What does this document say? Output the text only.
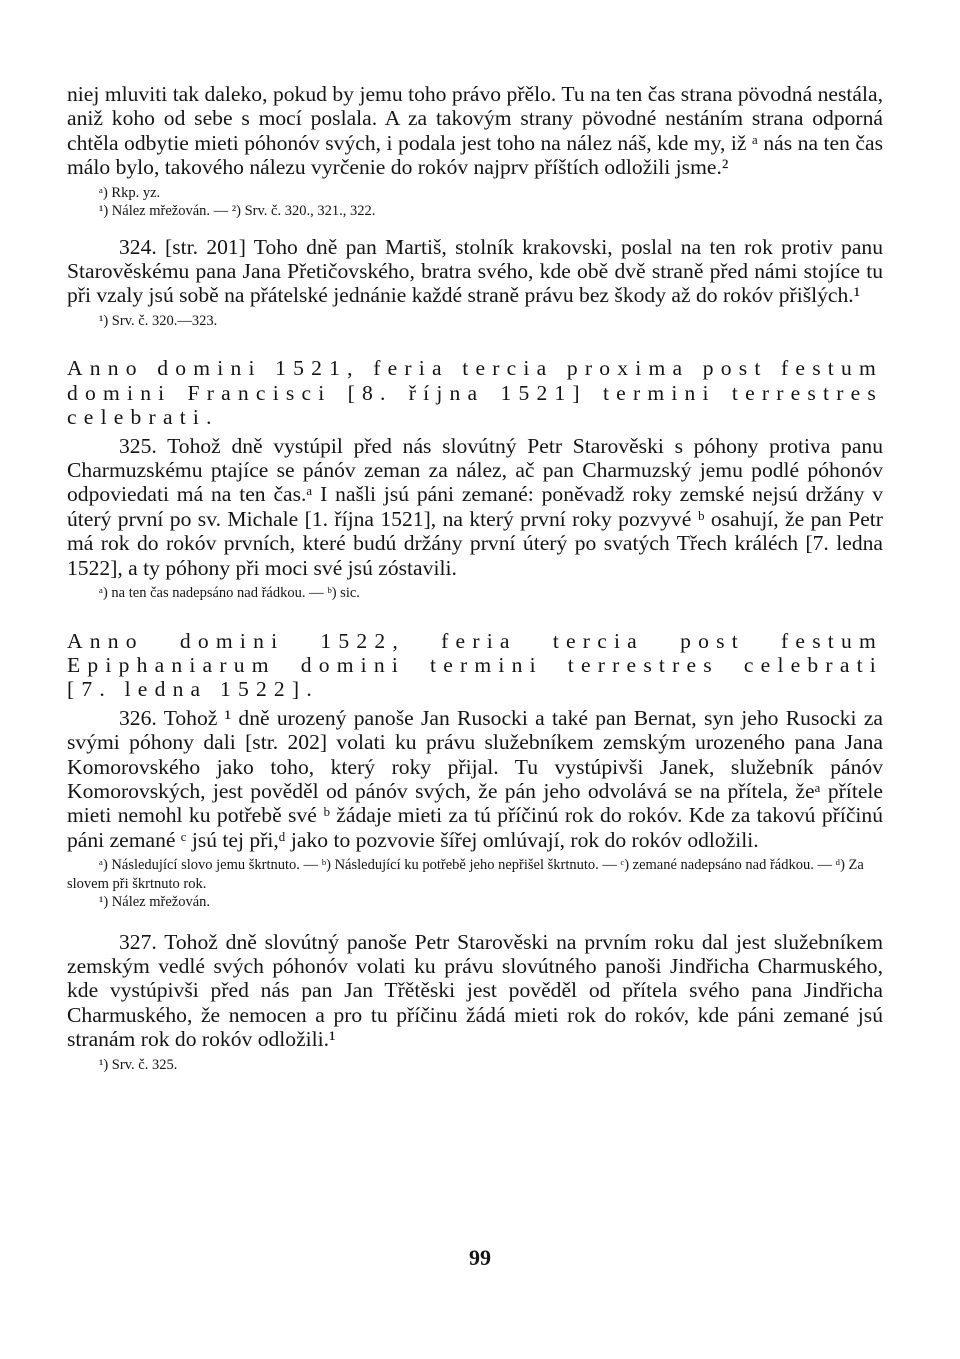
niej mluviti tak daleko, pokud by jemu toho právo přělo. Tu na ten čas strana pövodná nestála, aniž koho od sebe s mocí poslala. A za takovým strany pövodné nestáním strana odporná chtěla odbytie mieti póhonóv svých, i podala jest toho na nález náš, kde my, iž ᵃ nás na ten čas málo bylo, takového nálezu vyrčenie do rokóv najprv příštích odložili jsme.²

ᵃ) Rkp. yz.

¹) Nález mřežován. — ²) Srv. č. 320., 321., 322.

324. [str. 201] Toho dně pan Martiš, stolník krakovski, poslal na ten rok protiv panu Starověskému pana Jana Přetičovského, bratra svého, kde obě dvě straně před námi stojíce tu při vzaly jsú sobě na přátelské jednánie každé straně právu bez škody až do rokóv přišlých.¹

¹) Srv. č. 320.—323.

Anno domini 1521, feria tercia proxima post festum domini Francisci [8. října 1521] termini terrestres celebrati.

325. Tohož dně vystúpil před nás slovútný Petr Starověski s póhony protiva panu Charmuzskému ptajíce se pánóv zeman za nález, ač pan Charmuzský jemu podlé póhonóv odpoviedati má na ten čas.ᵃ I našli jsú páni zemané: poněvadž roky zemské nejsú držány v úterý první po sv. Michale [1. října 1521], na který první roky pozvyvé ᵇ osahují, že pan Petr má rok do rokóv prvních, které budú držány první úterý po svatých Třech králéch [7. ledna 1522], a ty póhony při moci své jsú zóstavili.

ᵃ) na ten čas nadepsáno nad řádkou. — ᵇ) sic.

Anno domini 1522, feria tercia post festum Epiphaniarum domini termini terrestres celebrati [7. ledna 1522].

326. Tohož ¹ dně urozený panoše Jan Rusocki a také pan Bernat, syn jeho Rusocki za svými póhony dali [str. 202] volati ku právu služebníkem zemským urozeného pana Jana Komorovského jako toho, který roky přijal. Tu vystúpivši Janek, služebník pánóv Komorovských, jest pověděl od pánóv svých, že pán jeho odvolává se na přítela, žeᵃ přítele mieti nemohl ku potřebě své ᵇ žádaje mieti za tú příčinú rok do rokóv. Kde za takovú příčinú páni zemané ᶜ jsú tej při,ᵈ jako to pozvovie šířej omlúvají, rok do rokóv odložili.

ᵃ) Následující slovo jemu škrtnuto. — ᵇ) Následující ku potřebě jeho nepřišel škrtnuto. — ᶜ) zemané nadepsáno nad řádkou. — ᵈ) Za slovem při škrtnuto rok.

¹) Nález mřežován.

327. Tohož dně slovútný panoše Petr Starověski na prvním roku dal jest služebníkem zemským vedlé svých póhonóv volati ku právu slovútného panoši Jindřicha Charmuského, kde vystúpivši před nás pan Jan Třětěski jest pověděl od přítela svého pana Jindřicha Charmuského, že nemocen a pro tu příčinu žádá mieti rok do rokóv, kde páni zemané jsú stranám rok do rokóv odložili.¹

¹) Srv. č. 325.

99
